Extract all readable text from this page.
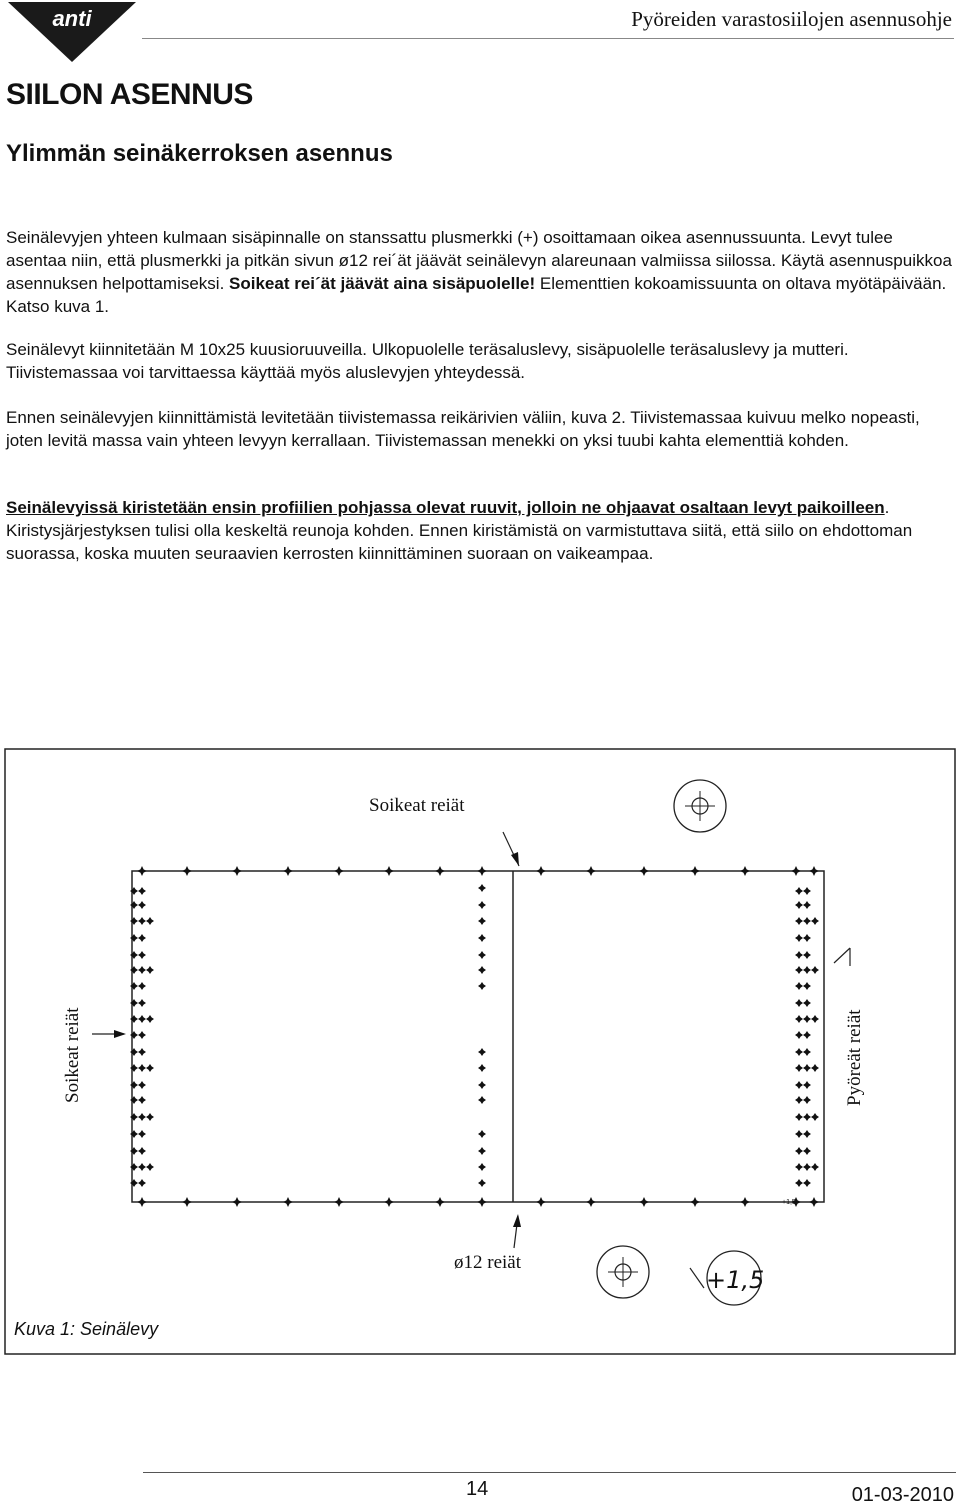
anti	Pyöreiden varastosiilojen asennusohje
SIILON ASENNUS
Ylimmän seinäkerroksen asennus

Seinälevyjen yhteen kulmaan sisäpinnalle on stanssattu plusmerkki (+) osoittamaan oikea asennussuunta. Levyt tulee asentaa niin, että plusmerkki ja pitkän sivun ø12 rei´ät jäävät seinälevyn alareunaan valmiissa siilossa. Käytä asennuspuikkoa asennuksen helpottamiseksi. Soikeat rei´ät jäävät aina sisäpuolelle! Elementtien kokoamissuunta on oltava myötäpäivään. Katso kuva 1.

Seinälevyt kiinnitetään M 10x25 kuusioruuveilla. Ulkopuolelle teräsaluslevy, sisäpuolelle teräsaluslevy ja mutteri. Tiivistemassaa voi tarvittaessa käyttää myös aluslevyjen yhteydessä.

Ennen seinälevyjen kiinnittämistä levitetään tiivistemassa reikärivien väliin, kuva 2. Tiivistemassaa kuivuu melko nopeasti, joten levitä massa vain yhteen levyyn kerrallaan. Tiivistemassan menekki on yksi tuubi kahta elementtiä kohden.

Seinälevyissä kiristetään ensin profiilien pohjassa olevat ruuvit, jolloin ne ohjaavat osaltaan levyt paikoilleen. Kiristysjärjestyksen tulisi olla keskeltä reunoja kohden. Ennen kiristämistä on varmistuttava siitä, että siilo on ehdottoman suorassa, koska muuten seuraavien kerrosten kiinnittäminen suoraan on vaikeampaa.

Soikeat reiät
Soikeat reiät	Pyöreät reiät
+1,5
ø12 reiät
+1,5
Kuva 1: Seinälevy
14	01-03-2010
